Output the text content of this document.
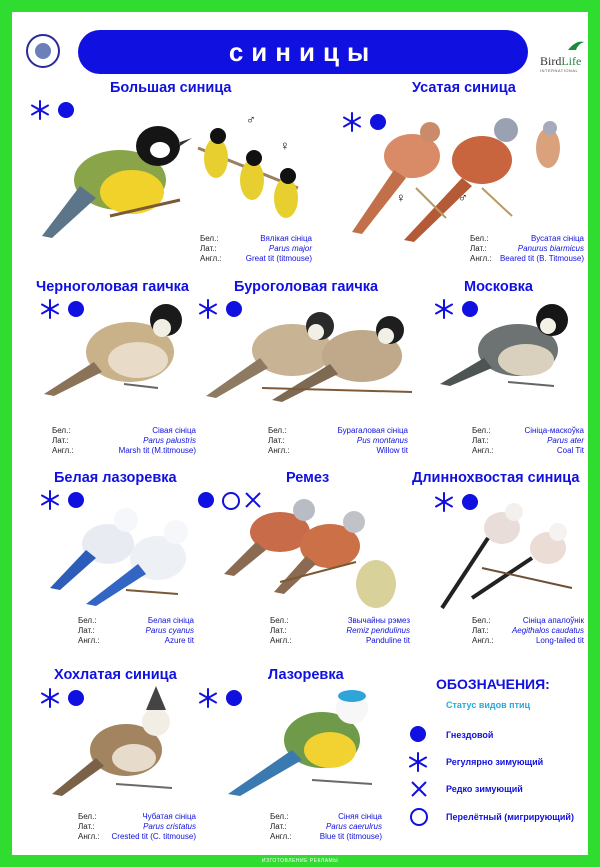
синицы	BirdLife
INTERNATIONAL
Большая синица
♂
♀
Бел.:	Вялікая сініца
Лат.:	Parus major
Англ.:	Great tit (titmouse)
Усатая синица
♀	♂
Бел.:	Вусатая сініца
Лат.:	Panurus biarmicus
Англ.: Beared tit (B. Titmouse)
Черноголовая гаичка
Бел.:	Сівая сініца
Лат.:	Parus palustris
Англ.:	Marsh tit (M.titmouse)
Буроголовая гаичка
Бел.:	Бурагаловая сініца
Лат.:	Pus montanus
Англ.:	Willow tit
Московка
Бел.:	Сініца-маскоўка
Лат.:	Parus ater
Англ.:	Coal Tit
Белая лазоревка
Бел.:	Белая сініца
Лат.:	Parus cyanus
Англ.:	Azure tit
Ремез
Бел.:	Звычайны рэмез
Лат.:	Remiz pendulinus
Англ.:	Panduline tit
Длиннохвостая синица
Бел.:	Сініца апалоўнік
Лат.:	Aegithalos caudatus
Англ.:	Long-tailed tit
Хохлатая синица
Бел.:	Чубатая сініца
Лат.:	Parus cristatus
Англ.: Crested tit (C. titmouse)
Лазоревка
Бел.:	Сіняя сініца
Лат.:	Parus caerulrus
Англ.:	Blue tit (titmouse)
ОБОЗНАЧЕНИЯ:
Статус видов птиц
Гнездовой
Регулярно зимующий
Редко зимующий
Перелётный (мигрирующий)
ИЗГОТОВЛЕНИЕ РЕКЛАМЫ
